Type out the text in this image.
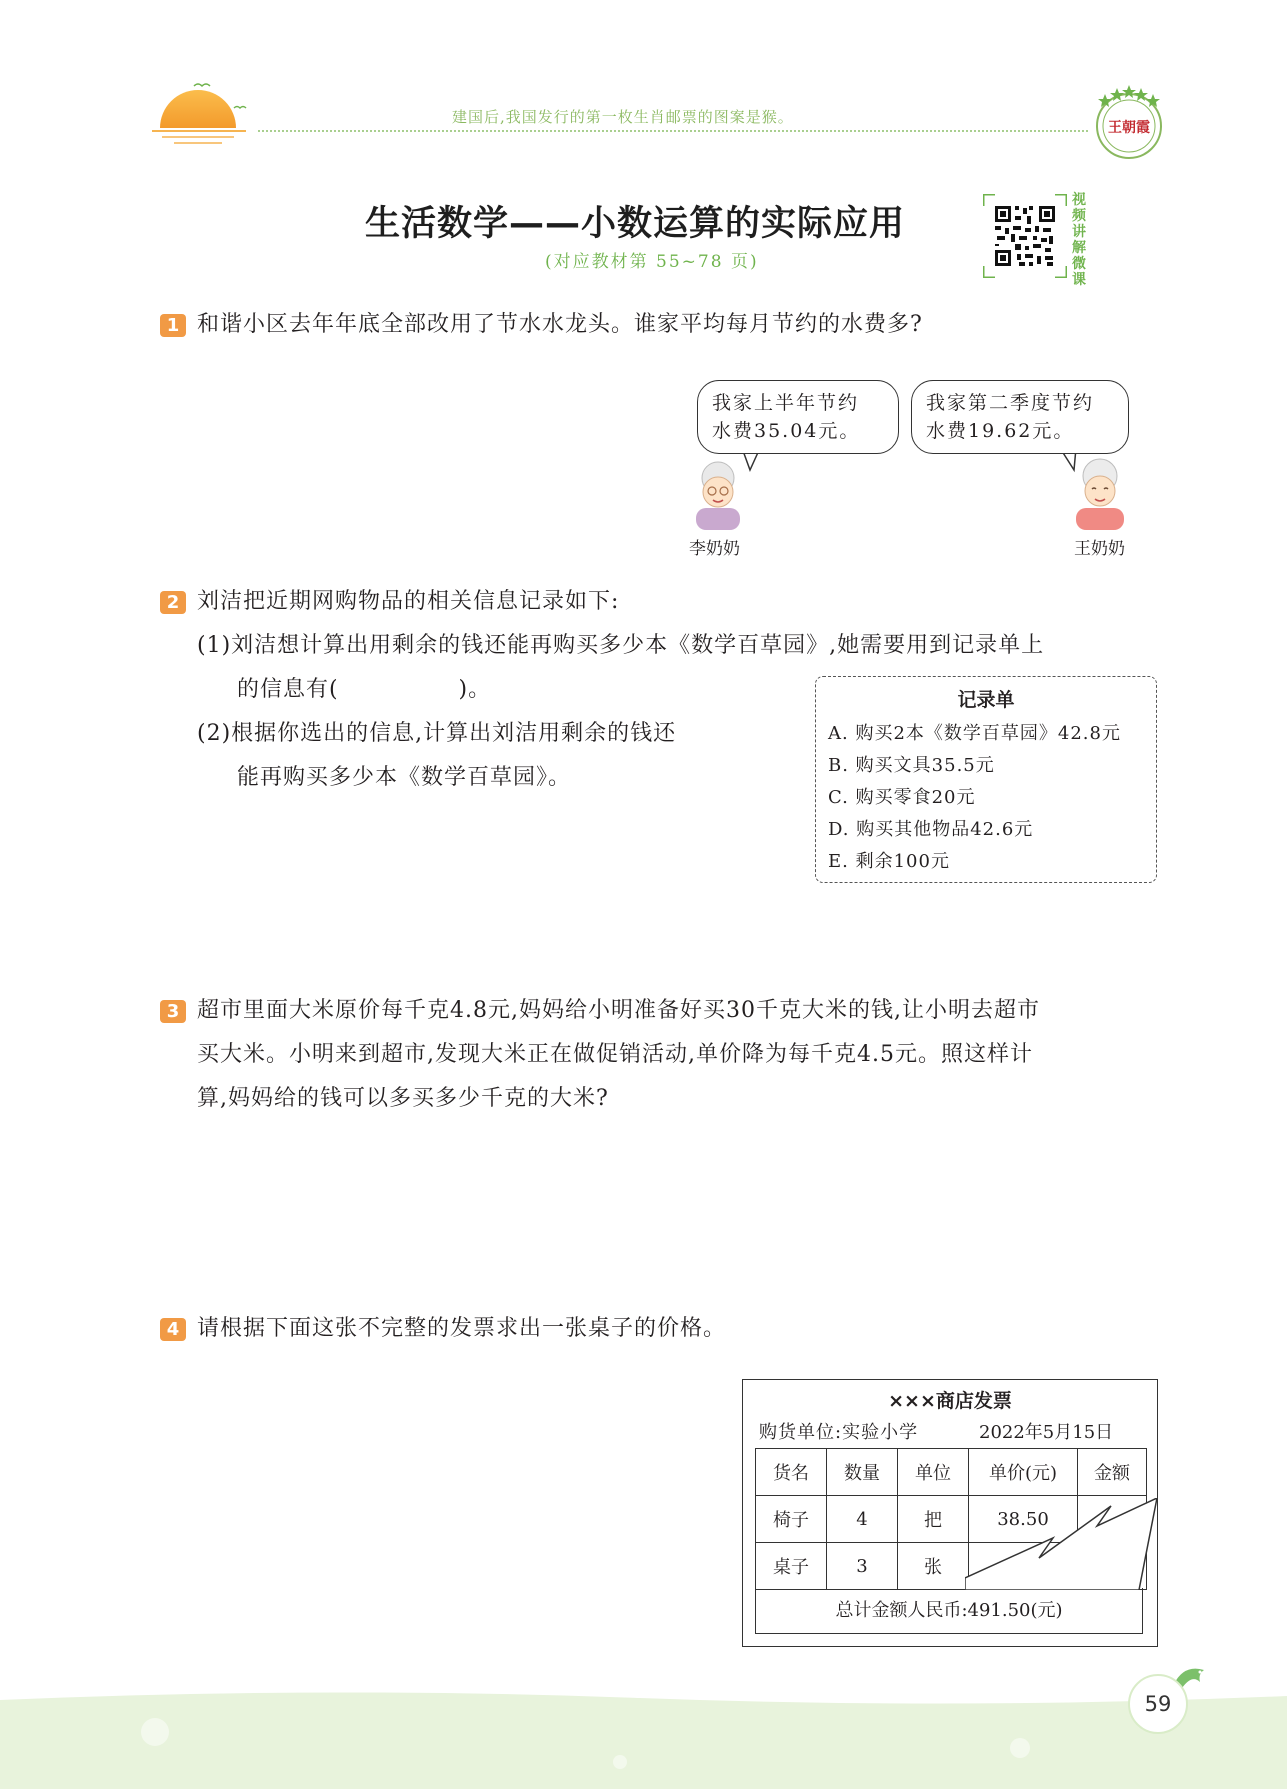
建国后,我国发行的第一枚生肖邮票的图案是猴。
王朝霞
生活数学——小数运算的实际应用
(对应教材第 55~78 页)
视频讲解微课
1 和谐小区去年年底全部改用了节水水龙头。谁家平均每月节约的水费多?
我家上半年节约
水费35.04元。
我家第二季度节约
水费19.62元。
李奶奶	王奶奶
2 刘洁把近期网购物品的相关信息记录如下:
(1)刘洁想计算出用剩余的钱还能再购买多少本《数学百草园》,她需要用到记录单上
的信息有(               )。
(2)根据你选出的信息,计算出刘洁用剩余的钱还
能再购买多少本《数学百草园》。
记录单
A. 购买2本《数学百草园》42.8元
B. 购买文具35.5元
C. 购买零食20元
D. 购买其他物品42.6元
E. 剩余100元
3 超市里面大米原价每千克4.8元,妈妈给小明准备好买30千克大米的钱,让小明去超市
买大米。小明来到超市,发现大米正在做促销活动,单价降为每千克4.5元。照这样计
算,妈妈给的钱可以多买多少千克的大米?
4 请根据下面这张不完整的发票求出一张桌子的价格。
×××商店发票
购货单位:实验小学	2022年5月15日
货名	数量	单位	单价(元)	金额
椅子	4	把	38.50	
桌子	3	张		
总计金额人民币:491.50(元)
59
